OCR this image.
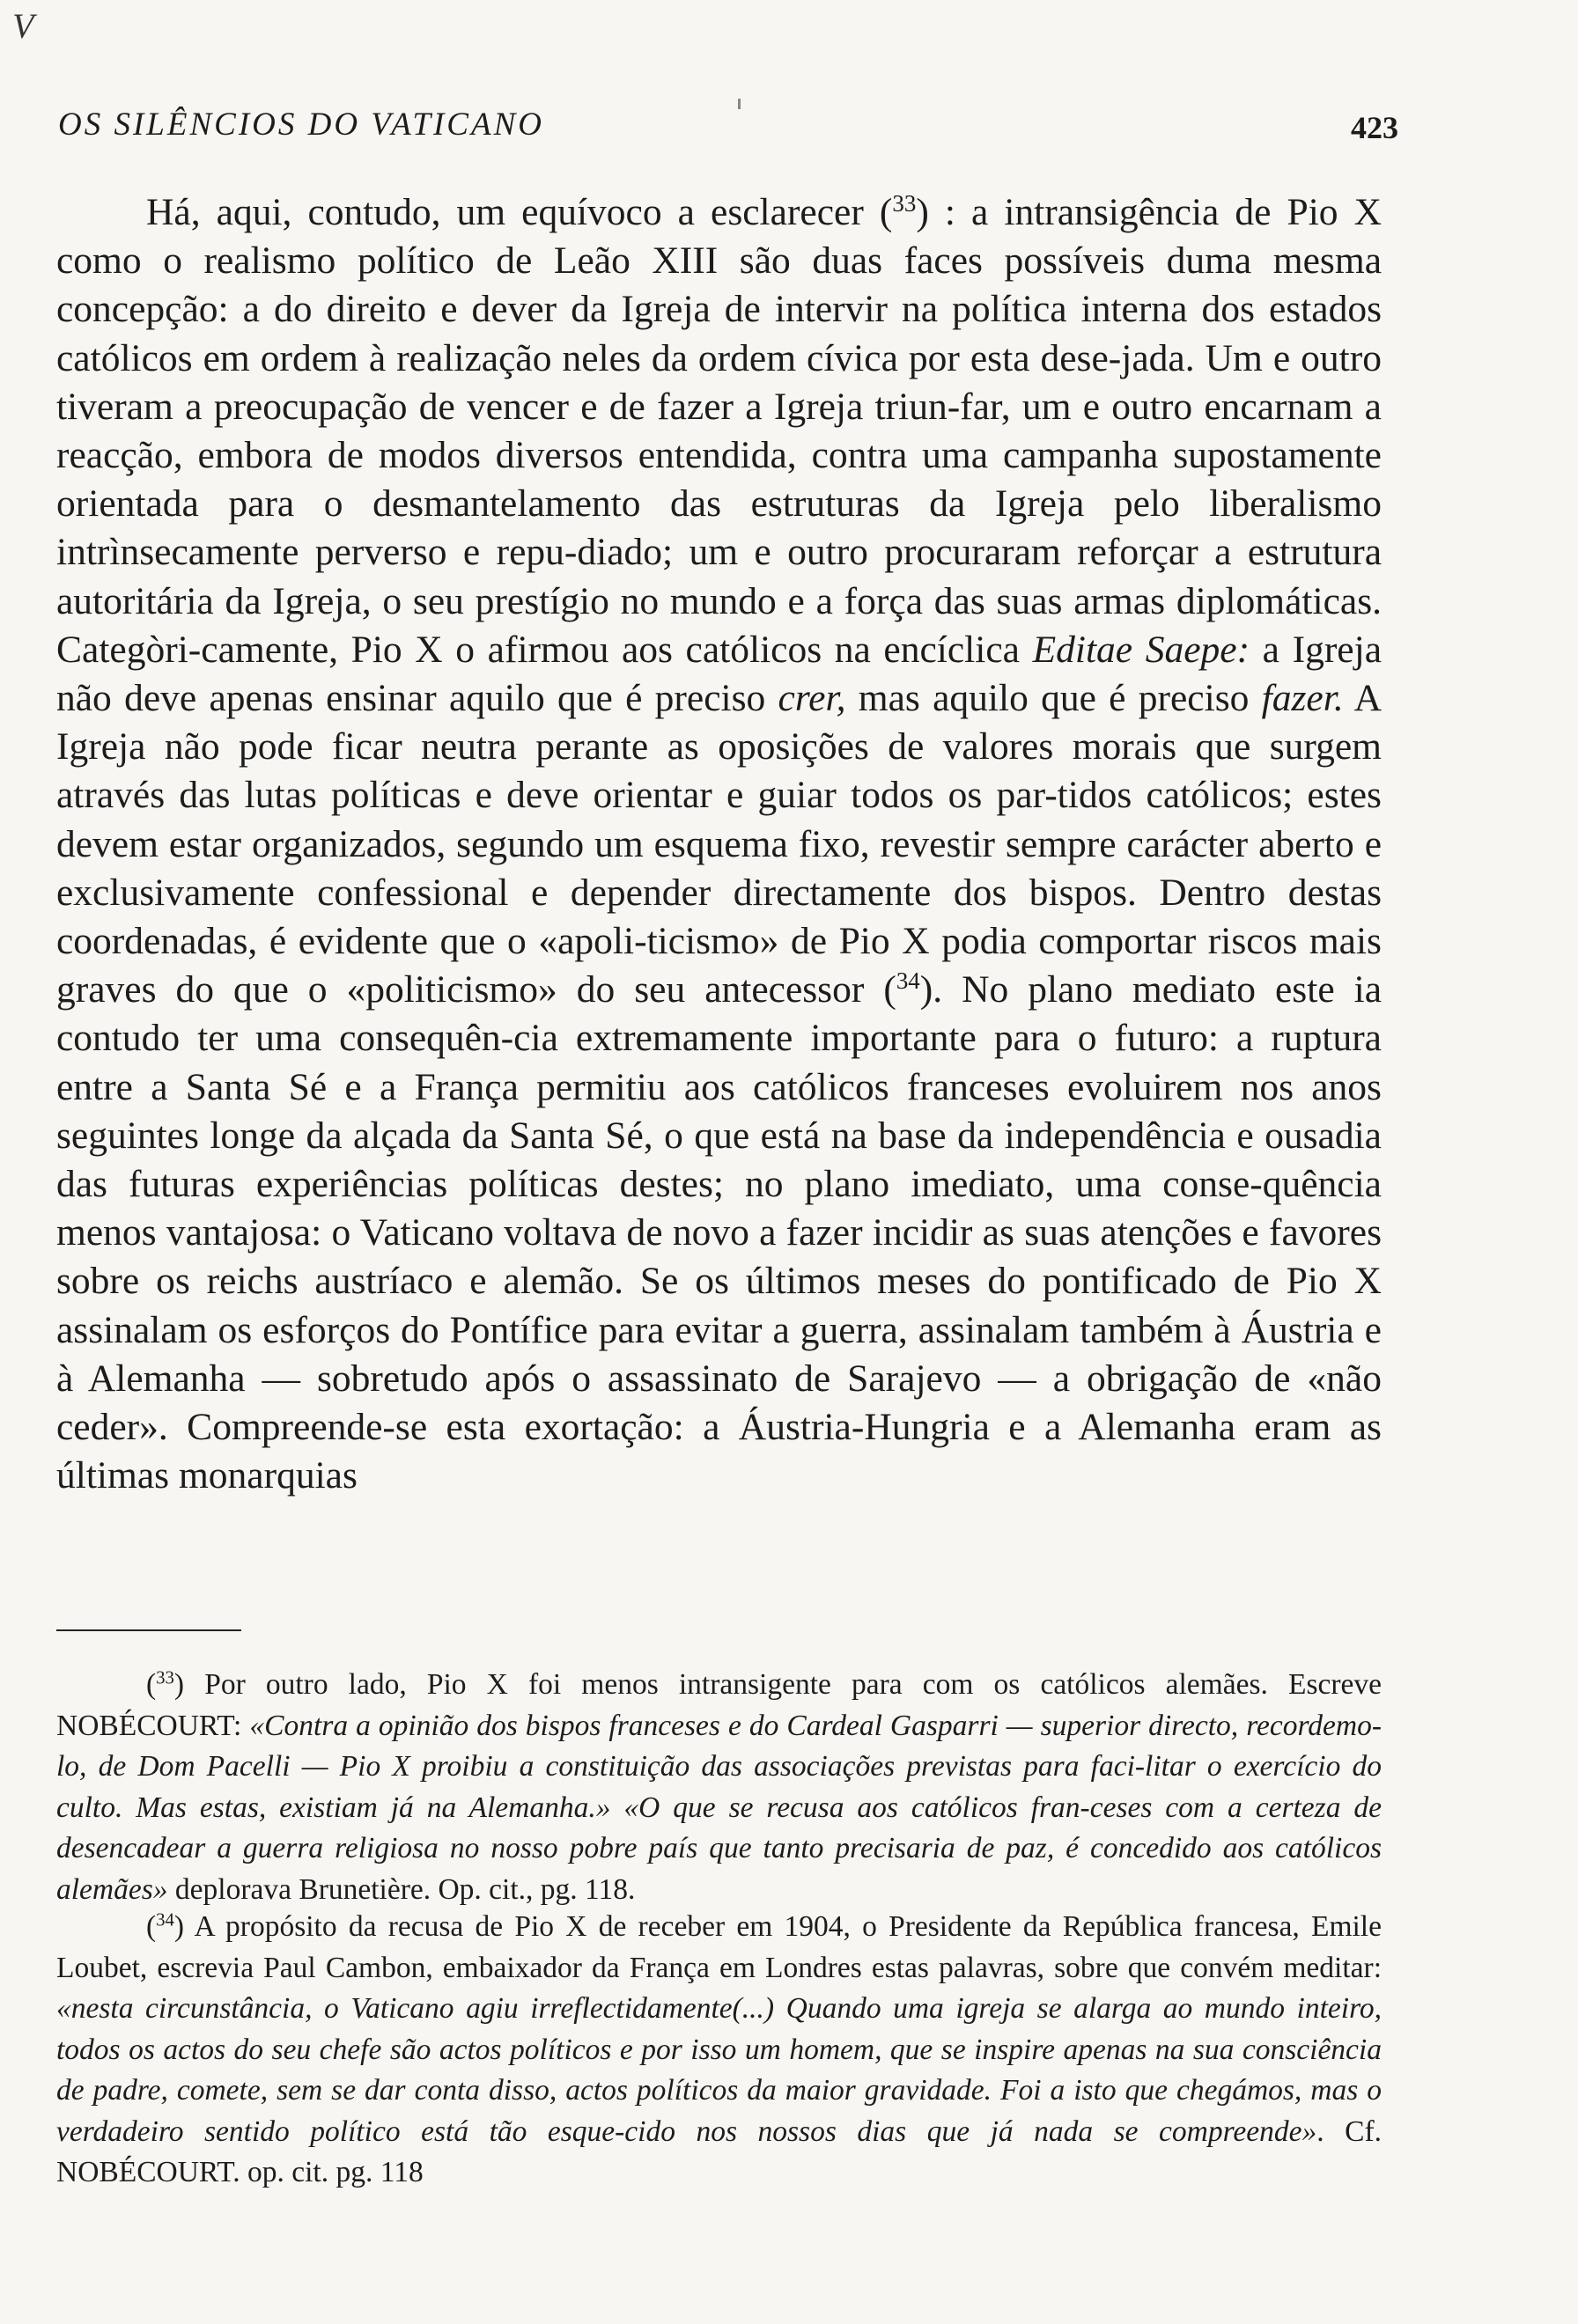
V
OS SILÊNCIOS DO VATICANO	423

Há, aqui, contudo, um equívoco a esclarecer ($^{33}$) : a intransigência de Pio X como o realismo político de Leão XIII são duas faces possíveis duma mesma concepção: a do direito e dever da Igreja de intervir na política interna dos estados católicos em ordem à realização neles da ordem cívica por esta dese-jada. Um e outro tiveram a preocupação de vencer e de fazer a Igreja triun-far, um e outro encarnam a reacção, embora de modos diversos entendida, contra uma campanha supostamente orientada para o desmantelamento das estruturas da Igreja pelo liberalismo intrìnsecamente perverso e repu-diado; um e outro procuraram reforçar a estrutura autoritária da Igreja, o seu prestígio no mundo e a força das suas armas diplomáticas. Categòri-camente, Pio X o afirmou aos católicos na encíclica Editae Saepe: a Igreja não deve apenas ensinar aquilo que é preciso crer, mas aquilo que é preciso fazer. A Igreja não pode ficar neutra perante as oposições de valores morais que surgem através das lutas políticas e deve orientar e guiar todos os par-tidos católicos; estes devem estar organizados, segundo um esquema fixo, revestir sempre carácter aberto e exclusivamente confessional e depender directamente dos bispos. Dentro destas coordenadas, é evidente que o «apoli-ticismo» de Pio X podia comportar riscos mais graves do que o «politicismo» do seu antecessor ($^{34}$). No plano mediato este ia contudo ter uma consequên-cia extremamente importante para o futuro: a ruptura entre a Santa Sé e a França permitiu aos católicos franceses evoluirem nos anos seguintes longe da alçada da Santa Sé, o que está na base da independência e ousadia das futuras experiências políticas destes; no plano imediato, uma conse-quência menos vantajosa: o Vaticano voltava de novo a fazer incidir as suas atenções e favores sobre os reichs austríaco e alemão. Se os últimos meses do pontificado de Pio X assinalam os esforços do Pontífice para evitar a guerra, assinalam também à Áustria e à Alemanha — sobretudo após o assassinato de Sarajevo — a obrigação de «não ceder». Compreende-se esta exortação: a Áustria-Hungria e a Alemanha eram as últimas monarquias

($^{33}$) Por outro lado, Pio X foi menos intransigente para com os católicos alemães. Escreve NOBÉCOURT: «Contra a opinião dos bispos franceses e do Cardeal Gasparri — superior directo, recordemo-lo, de Dom Pacelli — Pio X proibiu a constituição das associações previstas para faci-litar o exercício do culto. Mas estas, existiam já na Alemanha.» «O que se recusa aos católicos fran-ceses com a certeza de desencadear a guerra religiosa no nosso pobre país que tanto precisaria de paz, é concedido aos católicos alemães» deplorava Brunetière. Op. cit., pg. 118.

($^{34}$) A propósito da recusa de Pio X de receber em 1904, o Presidente da República francesa, Emile Loubet, escrevia Paul Cambon, embaixador da França em Londres estas palavras, sobre que convém meditar: «nesta circunstância, o Vaticano agiu irreflectidamente(...) Quando uma igreja se alarga ao mundo inteiro, todos os actos do seu chefe são actos políticos e por isso um homem, que se inspire apenas na sua consciência de padre, comete, sem se dar conta disso, actos políticos da maior gravidade. Foi a isto que chegámos, mas o verdadeiro sentido político está tão esque-cido nos nossos dias que já nada se compreende». Cf. NOBÉCOURT. op. cit. pg. 118
